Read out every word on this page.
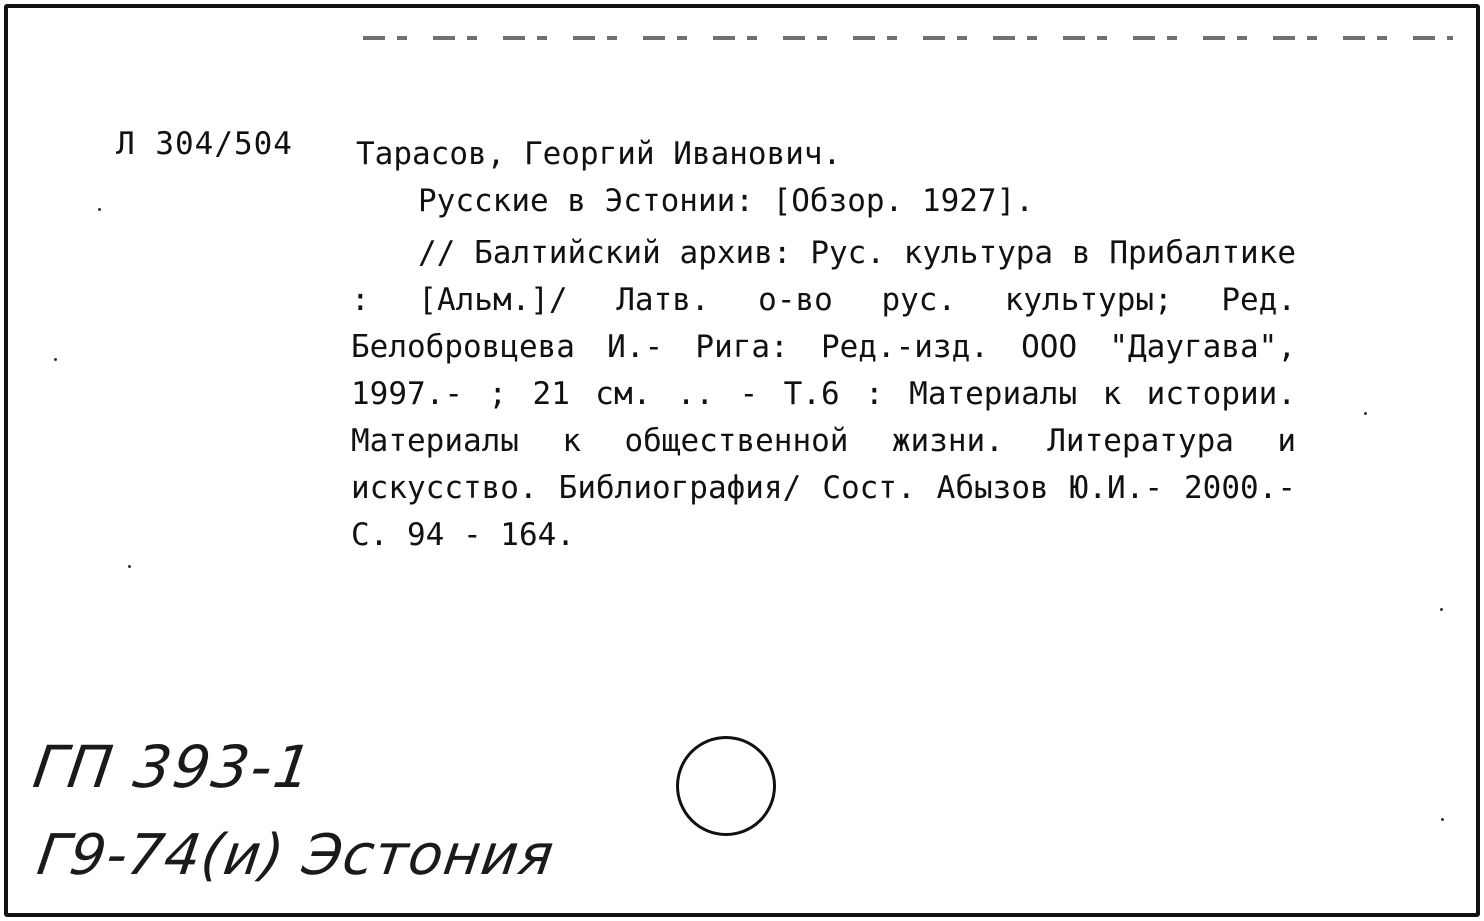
Л 304/504 Тарасов, Георгий Иванович.
Русские в Эстонии: [Обзор. 1927].
// Балтийский архив: Рус. культура в Прибалтике : [Альм.]/ Латв. о-во рус. культуры; Ред. Белобровцева И.- Рига: Ред.-изд. ООО "Даугава", 1997.- ; 21 см. .. - Т.6 : Материалы к истории. Материалы к общественной жизни. Литература и искусство. Библиография/ Сост. Абызов Ю.И.- 2000.-С. 94 - 164.
ГП 393-1
Г9-74(и) Эстония
